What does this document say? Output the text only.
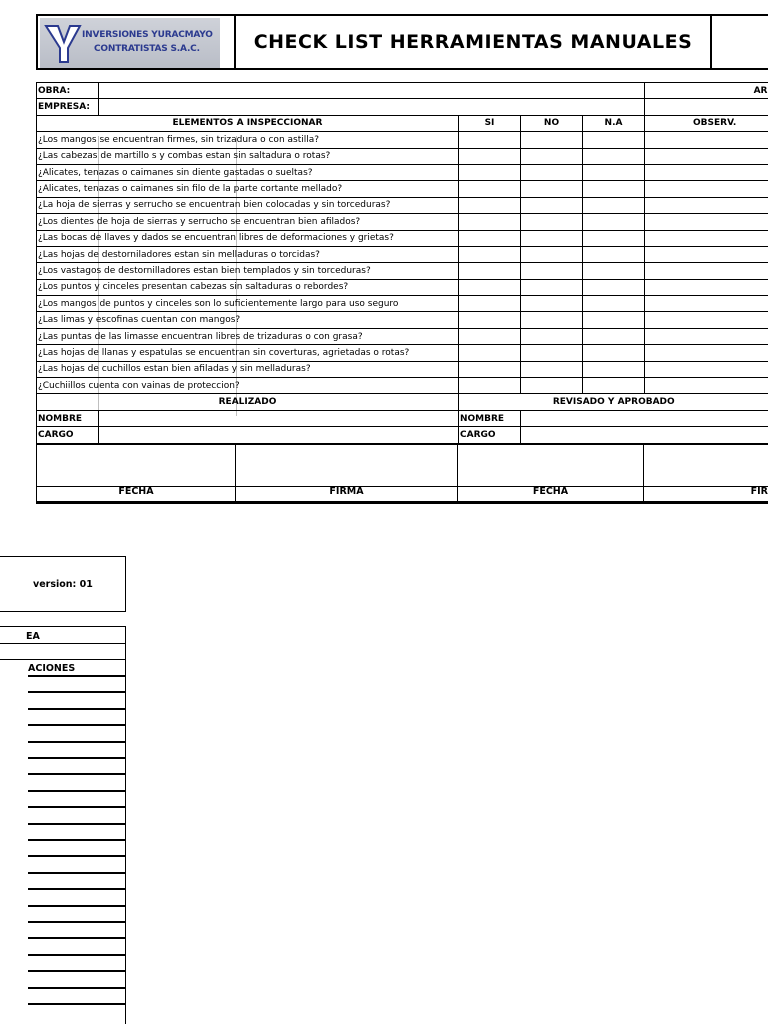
INVERSIONES YURACMAYO
CONTRATISTAS S.A.C.	CHECK LIST HERRAMIENTAS MANUALES
OBRA:					AR
EMPRESA:					
ELEMENTOS A INSPECCIONAR		SI	NO	N.A	OBSERV.
¿Los mangos se encuentran firmes, sin trizadura o con astilla?					
¿Las cabezas de martillo s y combas estan sin saltadura o rotas?					
¿Alicates, tenazas o caimanes sin diente gastadas o sueltas?					
¿Alicates, tenazas o caimanes sin filo de la parte cortante mellado?					
¿La hoja de sierras y serrucho se encuentran bien colocadas y sin torceduras?					
¿Los dientes de hoja de sierras y serrucho se encuentran bien afilados?					
¿Las bocas de llaves y dados se encuentran libres de deformaciones y grietas?					
¿Las hojas de destorniladores estan sin melladuras o torcidas?					
¿Los vastagos de destornilladores estan bien templados y sin torceduras?					
¿Los puntos y cinceles presentan cabezas sin saltaduras o rebordes?					
¿Los mangos de puntos y cinceles son lo suficientemente largo para uso seguro					
¿Las limas y escofinas cuentan con mangos?					
¿Las puntas de las limasse encuentran libres de trizaduras o con grasa?					
¿Las hojas de llanas y espatulas se encuentran sin coverturas, agrietadas o rotas?					
¿Las hojas de cuchillos estan bien afiladas y sin melladuras?					
¿Cuchiillos cuenta con vainas de proteccion?					
REALIZADO		REVISADO Y APROBADO			
NOMBRE		NOMBRE			
CARGO		CARGO			
FECHA	FIRMA	FECHA	FIR
version: 01
EA
ACIONES
